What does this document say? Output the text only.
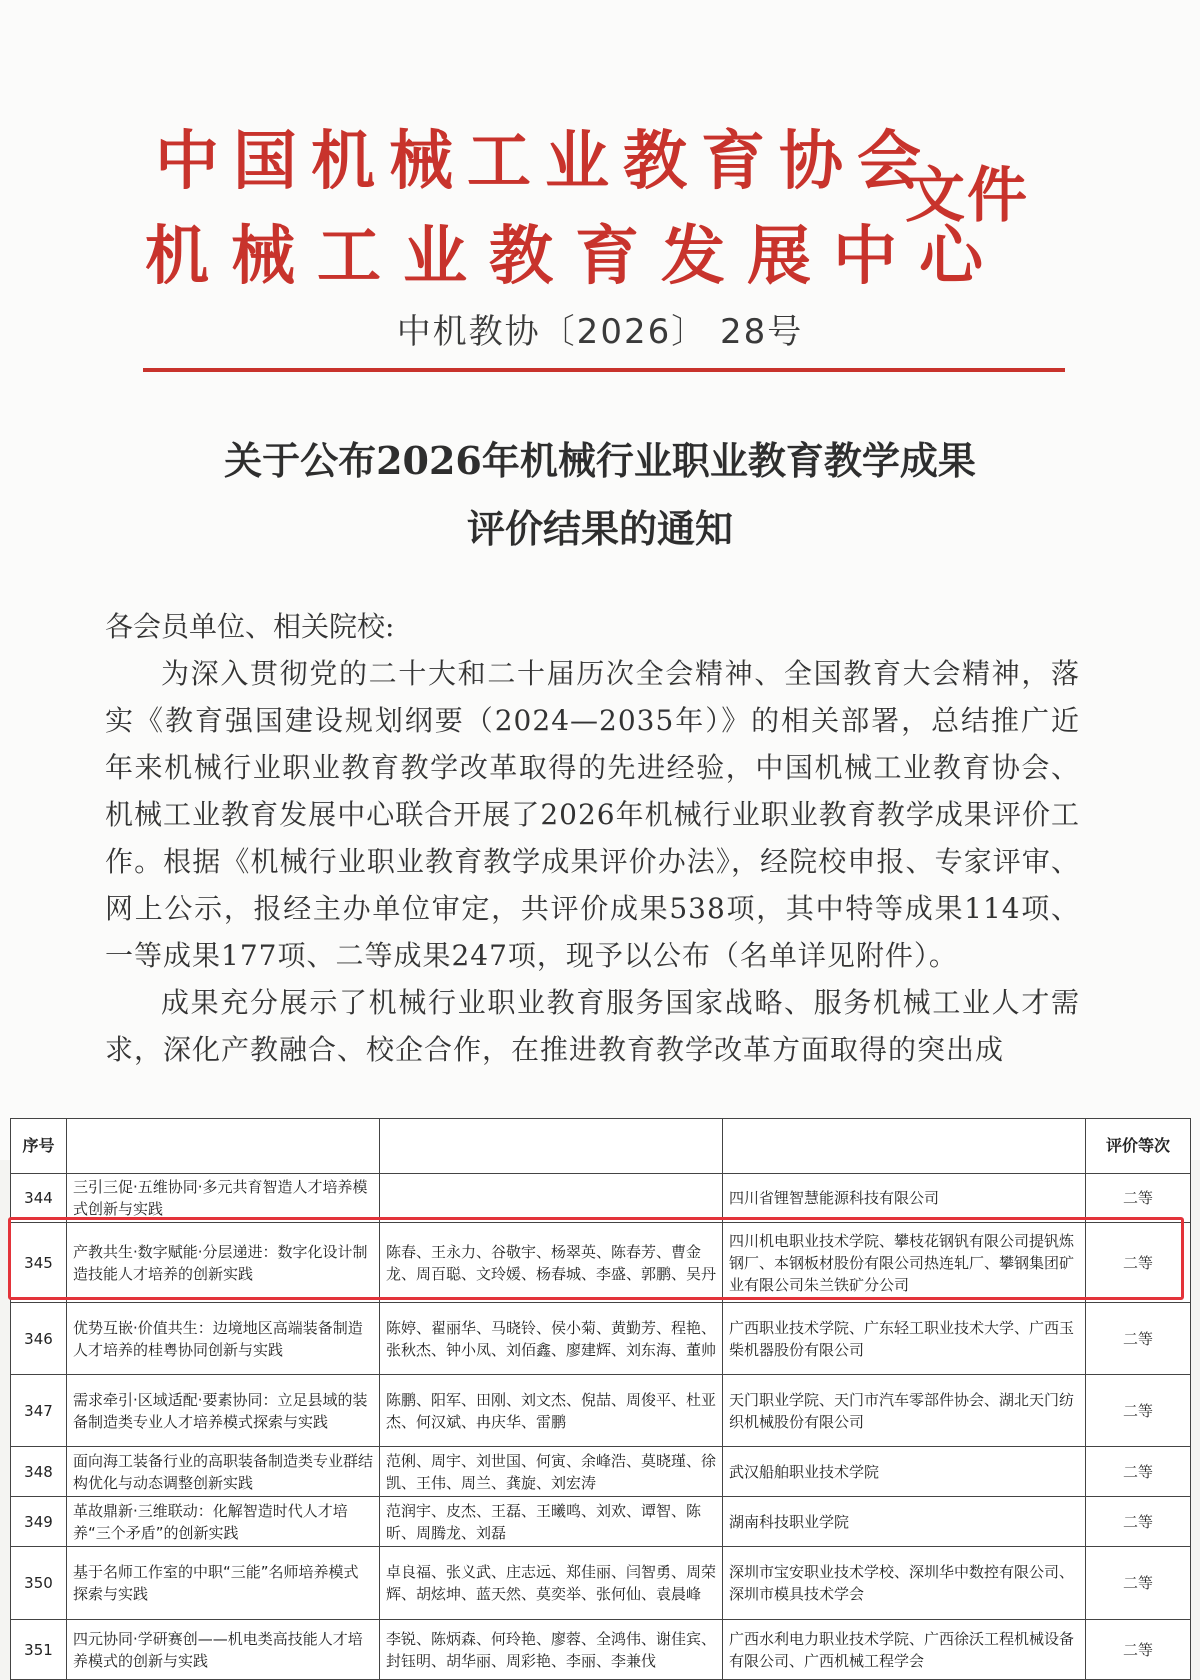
中国机械工业教育协会
机械工业教育发展中心
文件
中机教协〔2026〕 28号
关于公布2026年机械行业职业教育教学成果
评价结果的通知
各会员单位、相关院校:

为深入贯彻党的二十大和二十届历次全会精神、全国教育大会精神，落实《教育强国建设规划纲要（2024—2035年）》的相关部署，总结推广近年来机械行业职业教育教学改革取得的先进经验，中国机械工业教育协会、机械工业教育发展中心联合开展了2026年机械行业职业教育教学成果评价工作。根据《机械行业职业教育教学成果评价办法》，经院校申报、专家评审、网上公示，报经主办单位审定，共评价成果538项，其中特等成果114项、一等成果177项、二等成果247项，现予以公布（名单详见附件）。

成果充分展示了机械行业职业教育服务国家战略、服务机械工业人才需求，深化产教融合、校企合作，在推进教育教学改革方面取得的突出成

序号				评价等次
344	三引三促·五维协同·多元共育智造人才培养模式创新与实践		四川省锂智慧能源科技有限公司	二等
345	产教共生·数字赋能·分层递进：数字化设计制造技能人才培养的创新实践	陈春、王永力、谷敬宇、杨翠英、陈春芳、曹金龙、周百聪、文玲媛、杨春城、李盛、郭鹏、吴丹	四川机电职业技术学院、攀枝花钢钒有限公司提钒炼钢厂、本钢板材股份有限公司热连轧厂、攀钢集团矿业有限公司朱兰铁矿分公司	二等
346	优势互嵌·价值共生：边境地区高端装备制造人才培养的桂粤协同创新与实践	陈婷、翟丽华、马晓铃、侯小菊、黄勤芳、程艳、张秋杰、钟小凤、刘佰鑫、廖建辉、刘东海、董帅	广西职业技术学院、广东轻工职业技术大学、广西玉柴机器股份有限公司	二等
347	需求牵引·区域适配·要素协同：立足县域的装备制造类专业人才培养模式探索与实践	陈鹏、阳军、田刚、刘文杰、倪喆、周俊平、杜亚杰、何汉斌、冉庆华、雷鹏	天门职业学院、天门市汽车零部件协会、湖北天门纺织机械股份有限公司	二等
348	面向海工装备行业的高职装备制造类专业群结构优化与动态调整创新实践	范俐、周宇、刘世国、何寅、余峰浩、莫晓瑾、徐凯、王伟、周兰、龚旋、刘宏涛	武汉船舶职业技术学院	二等
349	革故鼎新·三维联动：化解智造时代人才培养“三个矛盾”的创新实践	范润宇、皮杰、王磊、王曦鸣、刘欢、谭智、陈昕、周腾龙、刘磊	湖南科技职业学院	二等
350	基于名师工作室的中职“三能”名师培养模式探索与实践	卓良福、张义武、庄志远、郑佳丽、闫智勇、周荣辉、胡炫坤、蓝天然、莫奕举、张何仙、袁晨峰	深圳市宝安职业技术学校、深圳华中数控有限公司、深圳市模具技术学会	二等
351	四元协同·学研赛创——机电类高技能人才培养模式的创新与实践	李锐、陈炳森、何玲艳、廖蓉、全鸿伟、谢佳宾、封钰明、胡华丽、周彩艳、李丽、李兼伐	广西水利电力职业技术学院、广西徐沃工程机械设备有限公司、广西机械工程学会	二等
